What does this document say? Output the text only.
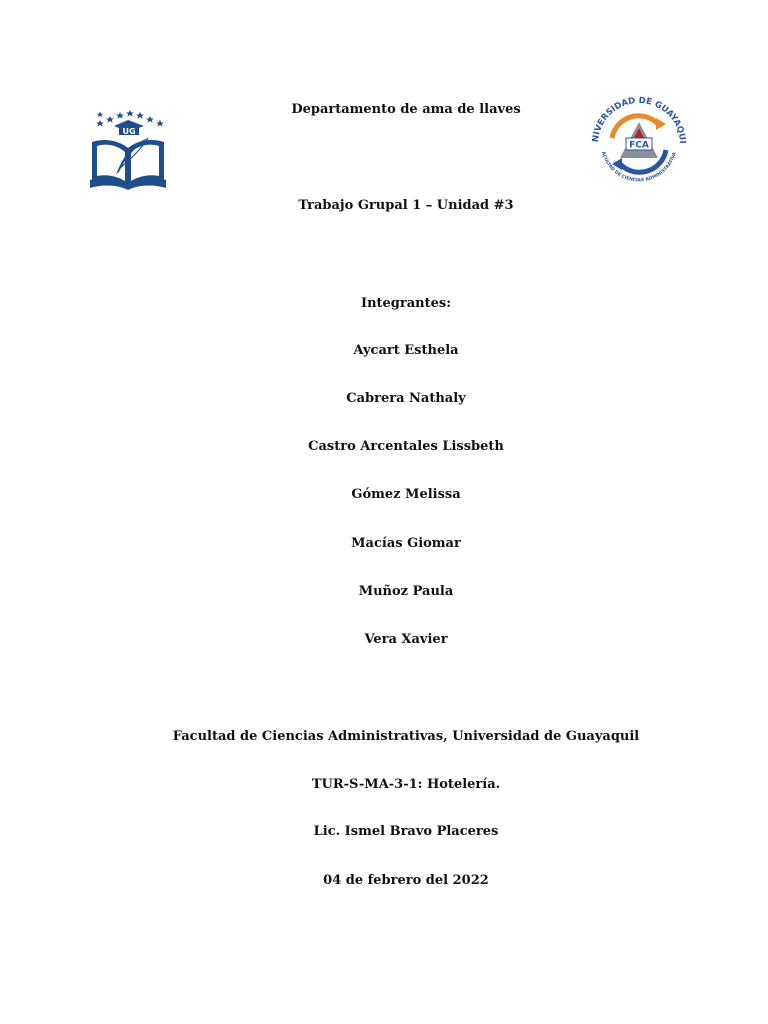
UG
NIVERSIDAD DE GUAYAQUI
ACULTAD DE CIENCIAS ADMINISTRATIVA
FCA
Departamento de ama de llaves
Trabajo Grupal 1 – Unidad #3
Integrantes:
Aycart Esthela
Cabrera Nathaly
Castro Arcentales Lissbeth
Gómez Melissa
Macías Giomar
Muñoz Paula
Vera Xavier
Facultad de Ciencias Administrativas, Universidad de Guayaquil
TUR-S-MA-3-1: Hotelería.
Lic. Ismel Bravo Placeres
04 de febrero del 2022
